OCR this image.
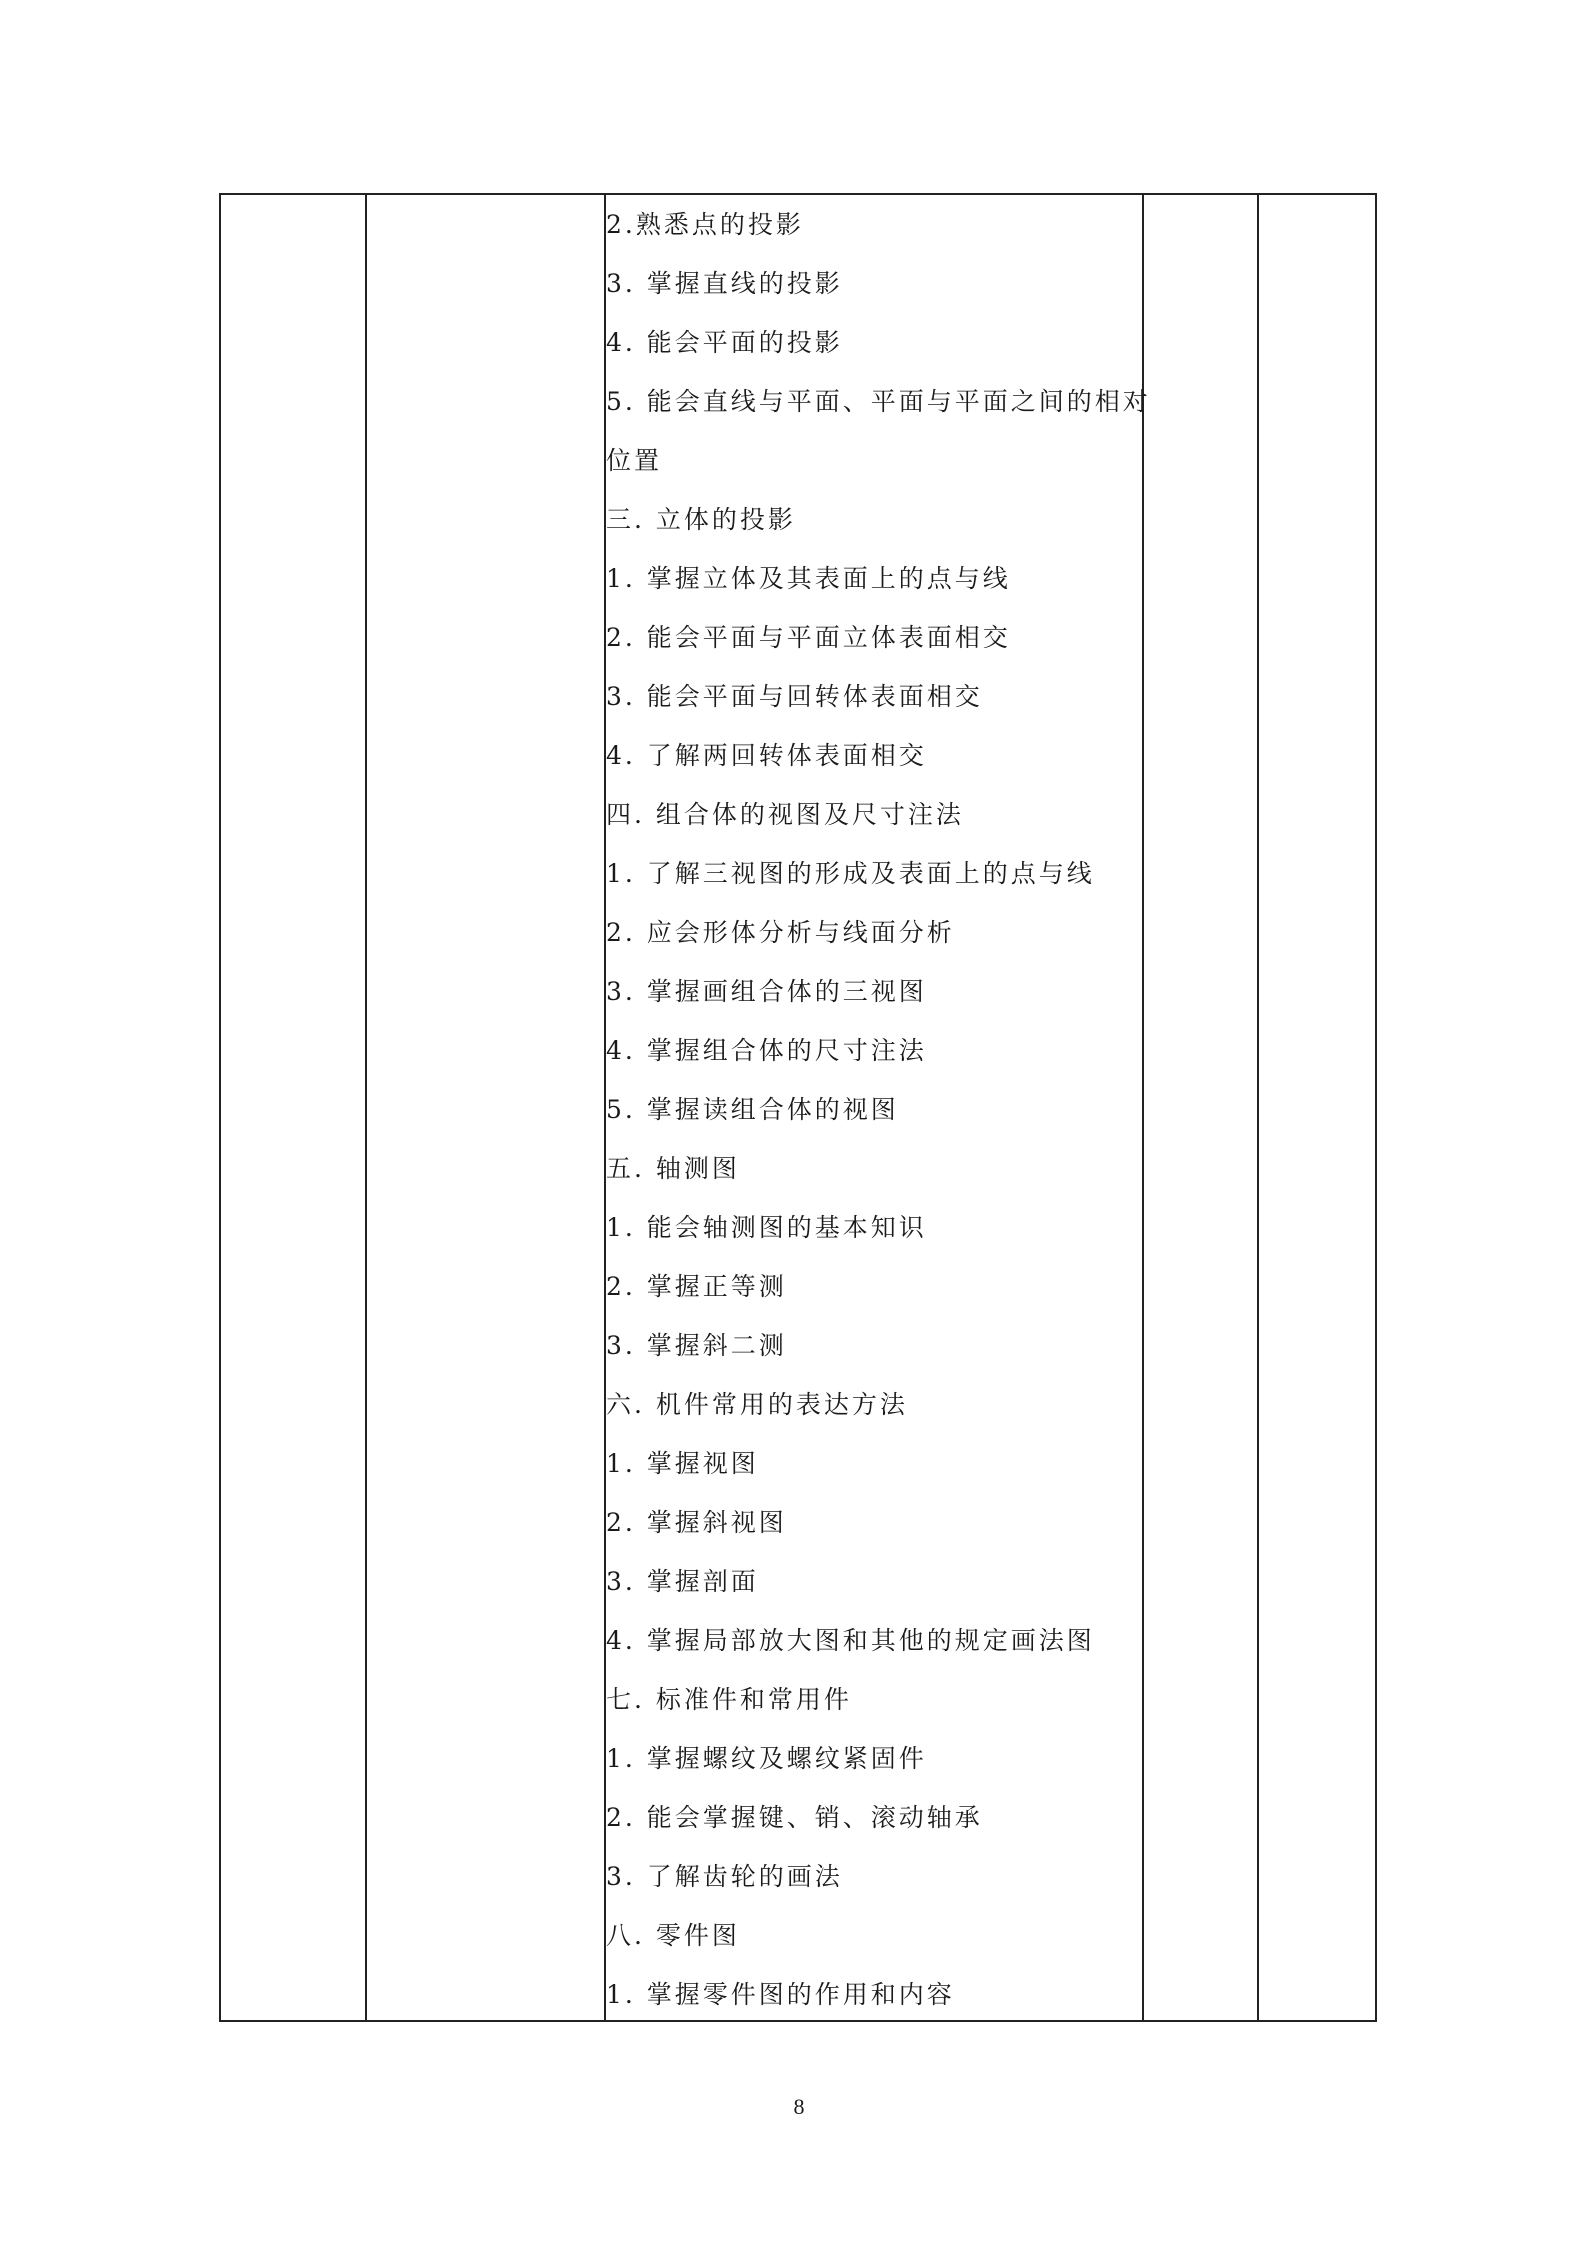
2.熟悉点的投影
3. 掌握直线的投影
4. 能会平面的投影
5. 能会直线与平面、平面与平面之间的相对
位置
三. 立体的投影
1. 掌握立体及其表面上的点与线
2. 能会平面与平面立体表面相交
3. 能会平面与回转体表面相交
4. 了解两回转体表面相交
四. 组合体的视图及尺寸注法
1. 了解三视图的形成及表面上的点与线
2. 应会形体分析与线面分析
3. 掌握画组合体的三视图
4. 掌握组合体的尺寸注法
5. 掌握读组合体的视图
五. 轴测图
1. 能会轴测图的基本知识
2. 掌握正等测
3. 掌握斜二测
六. 机件常用的表达方法
1. 掌握视图
2. 掌握斜视图
3. 掌握剖面
4. 掌握局部放大图和其他的规定画法图
七. 标准件和常用件
1. 掌握螺纹及螺纹紧固件
2. 能会掌握键、销、滚动轴承
3. 了解齿轮的画法
八. 零件图
1. 掌握零件图的作用和内容
8
